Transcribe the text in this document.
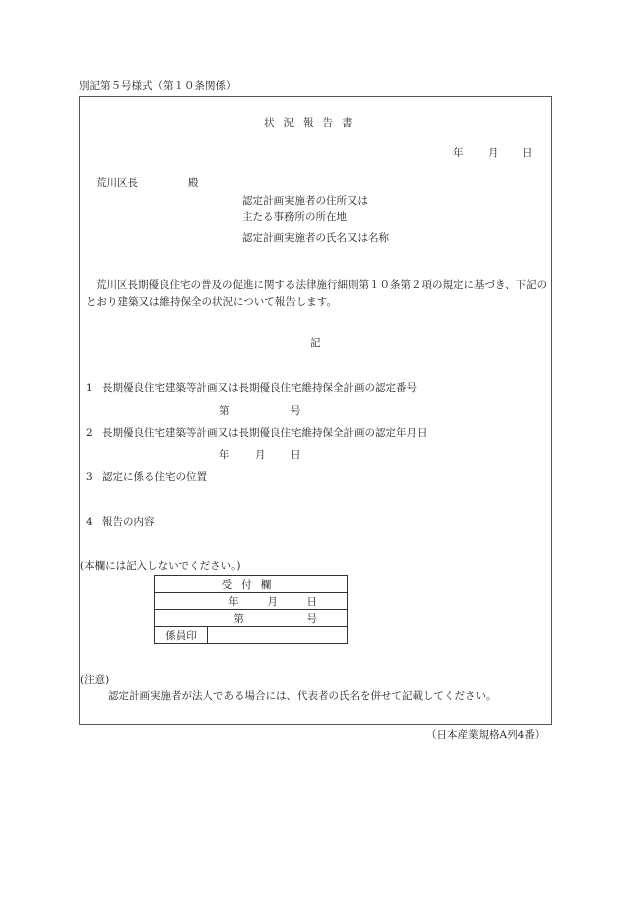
別記第５号様式（第１０条関係）
状況報告書
年 月 日
荒川区長	殿
認定計画実施者の住所又は
主たる事務所の所在地
認定計画実施者の氏名又は名称
荒川区長期優良住宅の普及の促進に関する法律施行細則第１０条第２項の規定に基づき、下記のとおり建築又は維持保全の状況について報告します。
記
1 長期優良住宅建築等計画又は長期優良住宅維持保全計画の認定番号
第	号
2 長期優良住宅建築等計画又は長期優良住宅維持保全計画の認定年月日
年 月 日
3 認定に係る住宅の位置
4 報告の内容
(本欄には記入しないでください。)
受付欄
年	月	日
第	号
係員印	
(注意)
認定計画実施者が法人である場合には、代表者の氏名を併せて記載してください。
（日本産業規格A列4番）
